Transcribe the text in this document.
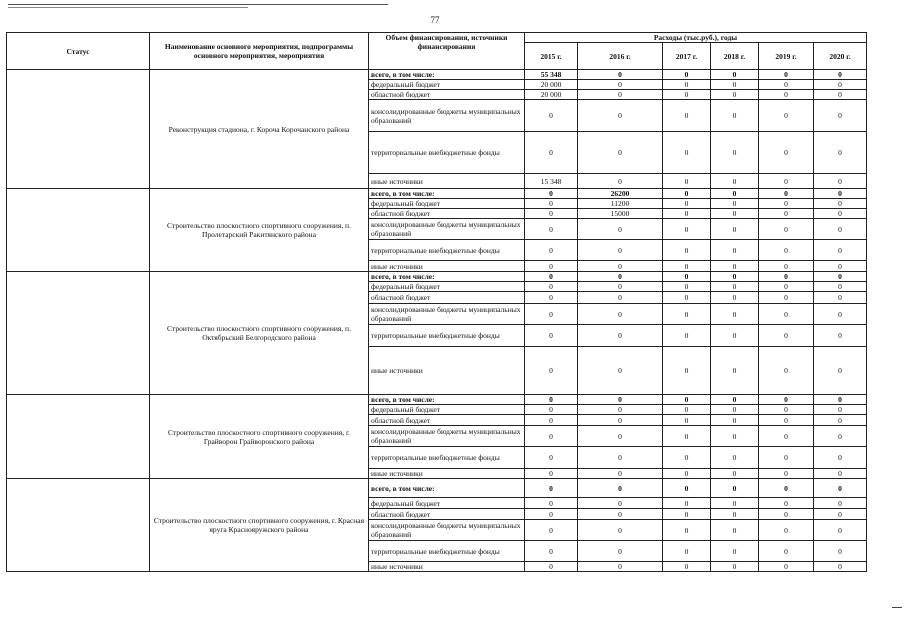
77
Статус	Наименование основного мероприятия, подпрограммы основного мероприятия, мероприятия	Объем финансирования, источники финансирования	Расходы (тыс.руб.), годы					
			2015 г.	2016 г.	2017 г.	2018 г.	2019 г.	2020 г.
	Реконструкция стадиона, г. Короча Корочанского района	всего, в том числе:	55 348	0	0	0	0	0
		федеральный бюджет	20 000	0	0	0	0	0
		областной бюджет	20 000	0	0	0	0	0
		консолидированные бюджеты муниципальных образований	0	0	0	0	0	0
		территориальные внебюджетные фонды	0	0	0	0	0	0
		иные источники	15 348	0	0	0	0	0
	Строительство плоскостного спортивного сооружения, п. Пролетарский Ракитянского района	всего, в том числе:	0	26200	0	0	0	0
		федеральный бюджет	0	11200	0	0	0	0
		областной бюджет	0	15000	0	0	0	0
		консолидированные бюджеты муниципальных образований	0	0	0	0	0	0
		территориальные внебюджетные фонды	0	0	0	0	0	0
		иные источники	0	0	0	0	0	0
	Строительство плоскостного спортивного сооружения, п. Октябрьский Белгородского района	всего, в том числе:	0	0	0	0	0	0
		федеральный бюджет	0	0	0	0	0	0
		областной бюджет	0	0	0	0	0	0
		консолидированные бюджеты муниципальных образований	0	0	0	0	0	0
		территориальные внебюджетные фонды	0	0	0	0	0	0
		иные источники	0	0	0	0	0	0
	Строительство плоскостного спортивного сооружения, г. Грайворон Грайворонского района	всего, в том числе:	0	0	0	0	0	0
		федеральный бюджет	0	0	0	0	0	0
		областной бюджет	0	0	0	0	0	0
		консолидированные бюджеты муниципальных образований	0	0	0	0	0	0
		территориальные внебюджетные фонды	0	0	0	0	0	0
		иные источники	0	0	0	0	0	0
	Строительство плоскостного спортивного сооружения, г. Красная яруга Краснояружского района	всего, в том числе:	0	0	0	0	0	0
		федеральный бюджет	0	0	0	0	0	0
		областной бюджет	0	0	0	0	0	0
		консолидированные бюджеты муниципальных образований	0	0	0	0	0	0
		территориальные внебюджетные фонды	0	0	0	0	0	0
		иные источники	0	0	0	0	0	0
